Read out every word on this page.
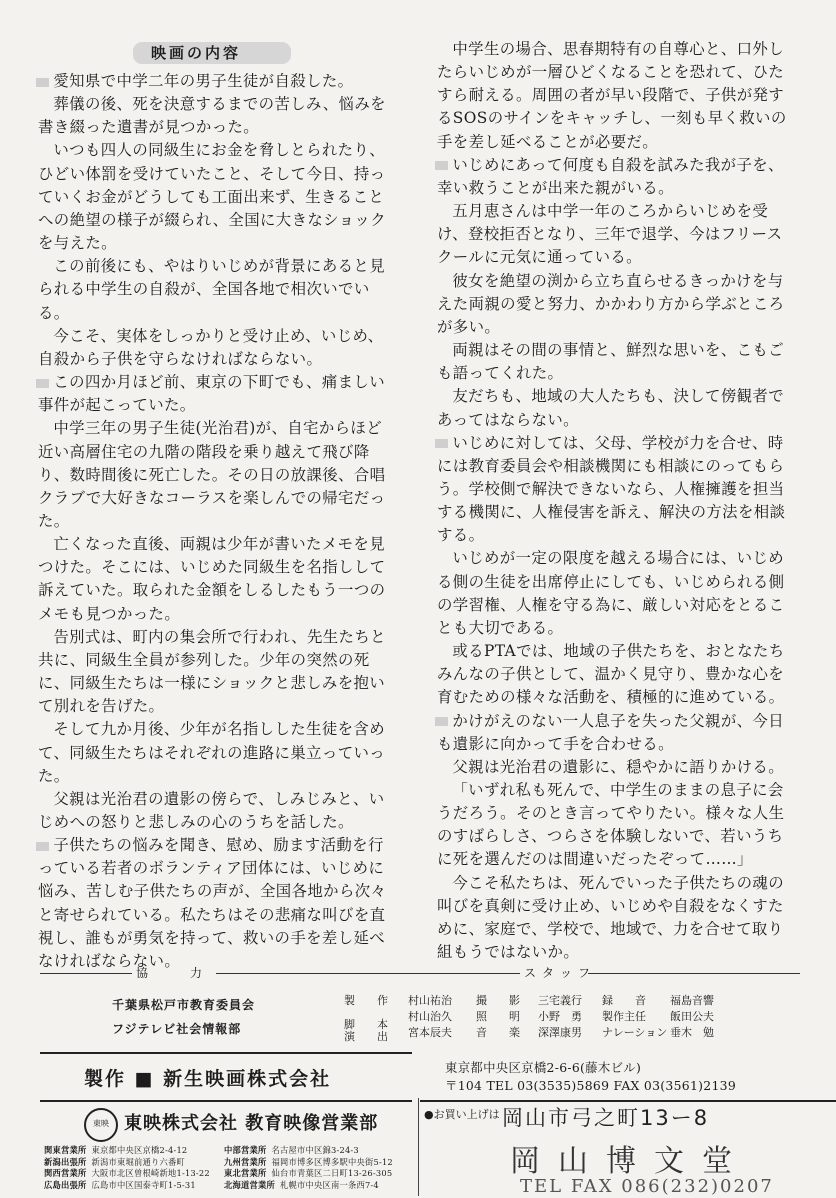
映画の内容

愛知県で中学二年の男子生徒が自殺した。

葬儀の後、死を決意するまでの苦しみ、悩みを書き綴った遺書が見つかった。

いつも四人の同級生にお金を脅しとられたり、ひどい体罰を受けていたこと、そして今日、持っていくお金がどうしても工面出来ず、生きることへの絶望の様子が綴られ、全国に大きなショックを与えた。

この前後にも、やはりいじめが背景にあると見られる中学生の自殺が、全国各地で相次いでいる。

今こそ、実体をしっかりと受け止め、いじめ、自殺から子供を守らなければならない。

この四か月ほど前、東京の下町でも、痛ましい事件が起こっていた。

中学三年の男子生徒(光治君)が、自宅からほど近い高層住宅の九階の階段を乗り越えて飛び降り、数時間後に死亡した。その日の放課後、合唱クラブで大好きなコーラスを楽しんでの帰宅だった。

亡くなった直後、両親は少年が書いたメモを見つけた。そこには、いじめた同級生を名指しして訴えていた。取られた金額をしるしたもう一つのメモも見つかった。

告別式は、町内の集会所で行われ、先生たちと共に、同級生全員が参列した。少年の突然の死に、同級生たちは一様にショックと悲しみを抱いて別れを告げた。

そして九か月後、少年が名指しした生徒を含めて、同級生たちはそれぞれの進路に巣立っていった。

父親は光治君の遺影の傍らで、しみじみと、いじめへの怒りと悲しみの心のうちを話した。

子供たちの悩みを聞き、慰め、励ます活動を行っている若者のボランティア団体には、いじめに悩み、苦しむ子供たちの声が、全国各地から次々と寄せられている。私たちはその悲痛な叫びを直視し、誰もが勇気を持って、救いの手を差し延べなければならない。

中学生の場合、思春期特有の自尊心と、口外したらいじめが一層ひどくなることを恐れて、ひたすら耐える。周囲の者が早い段階で、子供が発するSOSのサインをキャッチし、一刻も早く救いの手を差し延べることが必要だ。

いじめにあって何度も自殺を試みた我が子を、幸い救うことが出来た親がいる。

五月恵さんは中学一年のころからいじめを受け、登校拒否となり、三年で退学、今はフリースクールに元気に通っている。

彼女を絶望の渕から立ち直らせるきっかけを与えた両親の愛と努力、かかわり方から学ぶところが多い。

両親はその間の事情と、鮮烈な思いを、こもごも語ってくれた。

友だちも、地域の大人たちも、決して傍観者であってはならない。

いじめに対しては、父母、学校が力を合せ、時には教育委員会や相談機関にも相談にのってもらう。学校側で解決できないなら、人権擁護を担当する機関に、人権侵害を訴え、解決の方法を相談する。

いじめが一定の限度を越える場合には、いじめる側の生徒を出席停止にしても、いじめられる側の学習権、人権を守る為に、厳しい対応をとることも大切である。

或るPTAでは、地域の子供たちを、おとなたちみんなの子供として、温かく見守り、豊かな心を育むための様々な活動を、積極的に進めている。

かけがえのない一人息子を失った父親が、今日も遺影に向かって手を合わせる。

父親は光治君の遺影に、穏やかに語りかける。

「いずれ私も死んで、中学生のままの息子に会うだろう。そのとき言ってやりたい。様々な人生のすばらしさ、つらさを体験しないで、若いうちに死を選んだのは間違いだったぞって……」

今こそ私たちは、死んでいった子供たちの魂の叫びを真剣に受け止め、いじめや自殺をなくすために、家庭で、学校で、地域で、力を合せて取り組もうではないか。

協　　力	スタッフ
千葉県松戸市教育委員会
フジテレビ社会情報部
製　　作 村山祐治
脚　　本
村山治久
演　　出 宮本辰夫
撮　　影 三宅義行
照　　明 小野　勇
音　　楽 深澤康男
録　　音 福島音響
製作主任 飯田公夫
ナレーション 垂木　勉
製作 ■ 新生映画株式会社
東京都中央区京橋2-6-6(藤木ビル)
〒104 TEL 03(3535)5869 FAX 03(3561)2139
東映 東映株式会社 教育映像営業部
関東営業所 東京都中央区京橋2-4-12
新潟出張所 新潟市東堀前通り六番町
関西営業所 大阪市北区曽根崎新地1-13-22
広島出張所 広島市中区国泰寺町1-5-31
中部営業所 名古屋市中区錦3-24-3
九州営業所 福岡市博多区博多駅中央街5-12
東北営業所 仙台市青葉区二日町13-26-305
北海道営業所 札幌市中央区南一条西7-4
●お買い上げは 岡山市弓之町13ー8
岡山博文堂
TEL FAX 086(232)0207
